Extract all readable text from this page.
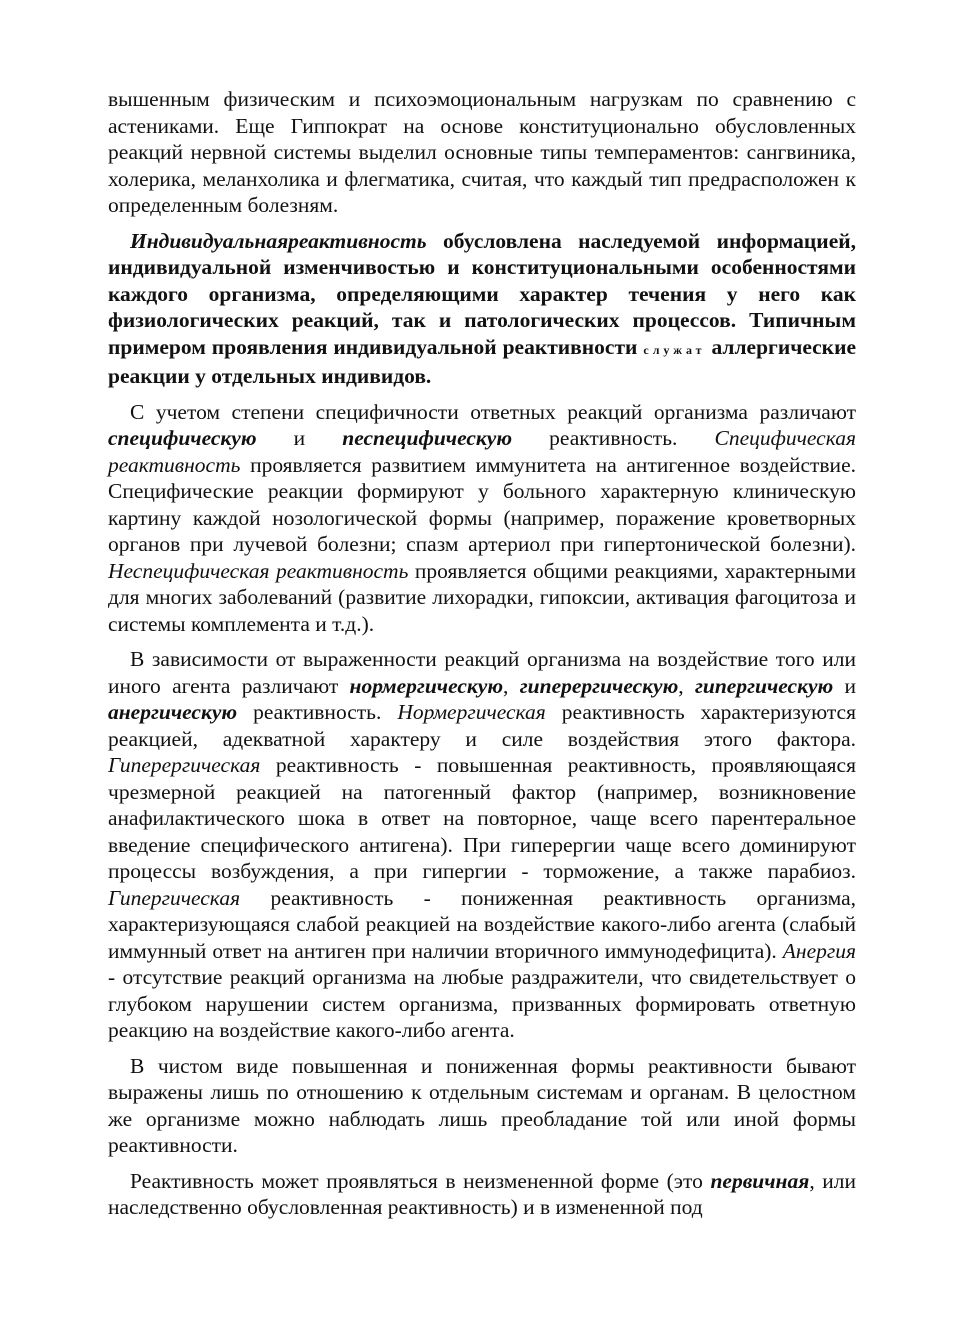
вышенным физическим и психоэмоциональным нагрузкам по сравнению с астениками. Еще Гиппократ на основе конституционально обусловленных реакций нервной системы выделил основные типы темпераментов: сангвиника, холерика, меланхолика и флегматика, считая, что каждый тип предрасположен к определенным болезням.

Индивидуальнаяреактивность обусловлена наследуемой информацией, индивидуальной изменчивостью и конституциональными особенностями каждого организма, определяющими характер течения у него как физиологических реакций, так и патологических процессов. Типичным примером проявления индивидуальной реактивности служат аллергические реакции у отдельных индивидов.

С учетом степени специфичности ответных реакций организма различают специфическую и песпецифическую реактивность. Специфическая реактивность проявляется развитием иммунитета на антигенное воздействие. Специфические реакции формируют у больного характерную клиническую картину каждой нозологической формы (например, поражение кроветворных органов при лучевой болезни; спазм артериол при гипертонической болезни). Неспецифическая реактивность проявляется общими реакциями, характерными для многих заболеваний (развитие лихорадки, гипоксии, активация фагоцитоза и системы комплемента и т.д.).

В зависимости от выраженности реакций организма на воздействие того или иного агента различают нормергическую, гиперергическую, гипергическую и анергическую реактивность. Нормергическая реактивность характеризуются реакцией, адекватной характеру и силе воздействия этого фактора. Гиперергическая реактивность - повышенная реактивность, проявляющаяся чрезмерной реакцией на патогенный фактор (например, возникновение анафилактического шока в ответ на повторное, чаще всего парентеральное введение специфического антигена). При гиперергии чаще всего доминируют процессы возбуждения, а при гипергии - торможение, а также парабиоз. Гипергическая реактивность - пониженная реактивность организма, характеризующаяся слабой реакцией на воздействие какого-либо агента (слабый иммунный ответ на антиген при наличии вторичного иммунодефицита). Анергия - отсутствие реакций организма на любые раздражители, что свидетельствует о глубоком нарушении систем организма, призванных формировать ответную реакцию на воздействие какого-либо агента.

В чистом виде повышенная и пониженная формы реактивности бывают выражены лишь по отношению к отдельным системам и органам. В целостном же организме можно наблюдать лишь преобладание той или иной формы реактивности.

Реактивность может проявляться в неизмененной форме (это первичная, или наследственно обусловленная реактивность) и в измененной под
